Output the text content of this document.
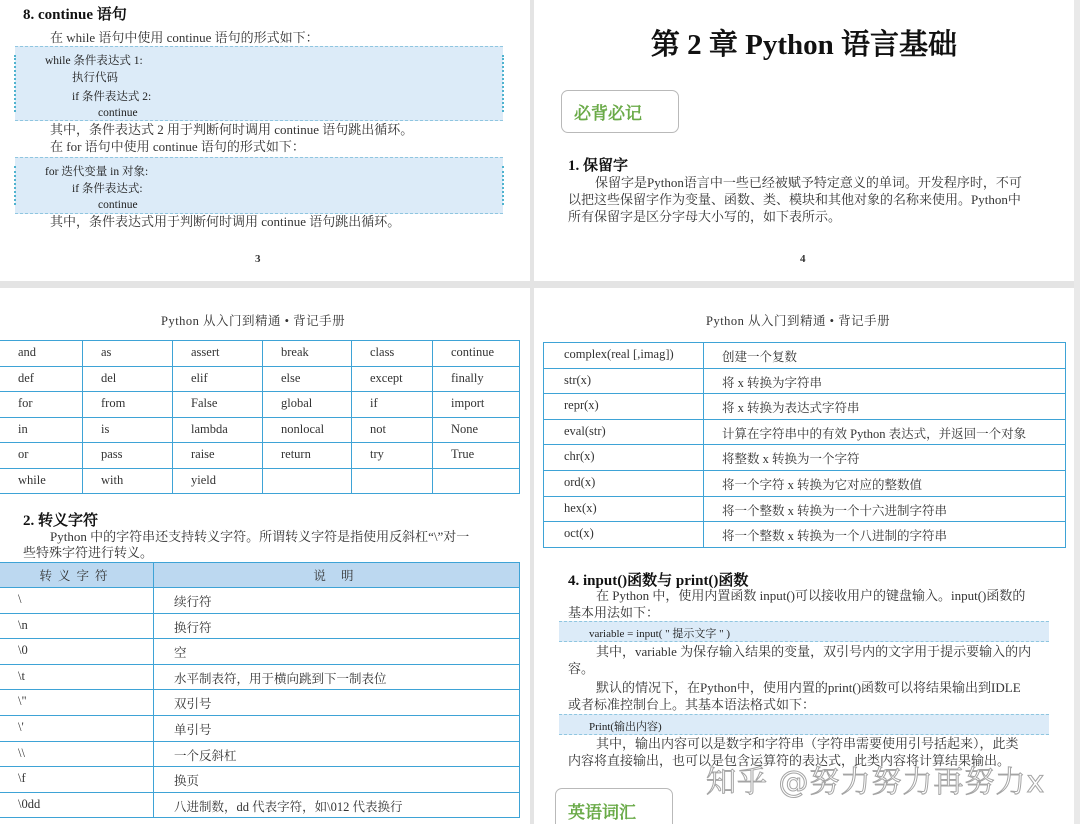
8. continue 语句
在 while 语句中使用 continue 语句的形式如下：
while 条件表达式 1:
执行代码
if 条件表达式 2:
continue
其中，条件表达式 2 用于判断何时调用 continue 语句跳出循环。
在 for 语句中使用 continue 语句的形式如下：
for 迭代变量 in 对象:
if 条件表达式:
continue
其中，条件表达式用于判断何时调用 continue 语句跳出循环。
3
第 2 章 Python 语言基础
必背必记
1. 保留字
保留字是Python语言中一些已经被赋予特定意义的单词。开发程序时，不可
以把这些保留字作为变量、函数、类、模块和其他对象的名称来使用。Python中
所有保留字是区分字母大小写的，如下表所示。
4
Python 从入门到精通 • 背记手册
and	as	assert	break	class	continue
def	del	elif	else	except	finally
for	from	False	global	if	import
in	is	lambda	nonlocal	not	None
or	pass	raise	return	try	True
while	with	yield			
2. 转义字符
Python 中的字符串还支持转义字符。所谓转义字符是指使用反斜杠“\”对一
些特殊字符进行转义。
转义字符	说 明
\	续行符
\n	换行符
\0	空
\t	水平制表符，用于横向跳到下一制表位
\"	双引号
\'	单引号
\\	一个反斜杠
\f	换页
\0dd	八进制数，dd 代表字符，如\012 代表换行
Python 从入门到精通 • 背记手册
complex(real [,imag])	创建一个复数
str(x)	将 x 转换为字符串
repr(x)	将 x 转换为表达式字符串
eval(str)	计算在字符串中的有效 Python 表达式，并返回一个对象
chr(x)	将整数 x 转换为一个字符
ord(x)	将一个字符 x 转换为它对应的整数值
hex(x)	将一个整数 x 转换为一个十六进制字符串
oct(x)	将一个整数 x 转换为一个八进制的字符串
4. input()函数与 print()函数
在 Python 中，使用内置函数 input()可以接收用户的键盘输入。input()函数的
基本用法如下：
variable = input( " 提示文字 " )
其中，variable 为保存输入结果的变量，双引号内的文字用于提示要输入的内
容。
默认的情况下，在Python中，使用内置的print()函数可以将结果输出到IDLE
或者标准控制台上。其基本语法格式如下：
Print(输出内容)
其中，输出内容可以是数字和字符串（字符串需要使用引号括起来），此类
内容将直接输出，也可以是包含运算符的表达式，此类内容将计算结果输出。
英语词汇
知乎 @努力努力再努力x
